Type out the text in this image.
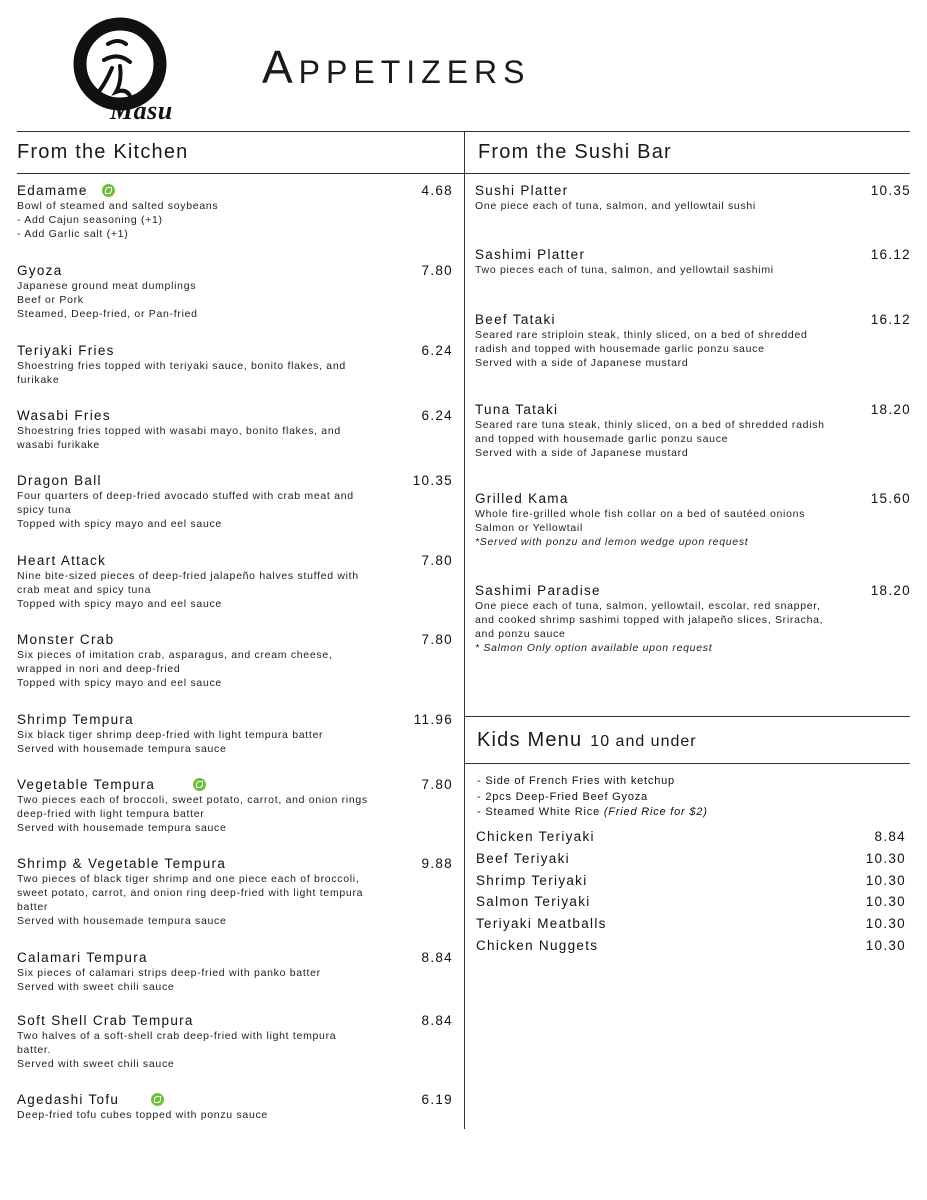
Masu
Appetizers
From the Kitchen	From the Sushi Bar
Kids Menu 10 and under
Edamame	4.68
Bowl of steamed and salted soybeans
- Add Cajun seasoning (+1)
- Add Garlic salt (+1)
Gyoza	7.80
Japanese ground meat dumplings
Beef or Pork
Steamed, Deep-fried, or Pan-fried
Teriyaki Fries	6.24
Shoestring fries topped with teriyaki sauce, bonito flakes, and
furikake
Wasabi Fries	6.24
Shoestring fries topped with wasabi mayo, bonito flakes, and
wasabi furikake
Dragon Ball	10.35
Four quarters of deep-fried avocado stuffed with crab meat and
spicy tuna
Topped with spicy mayo and eel sauce
Heart Attack	7.80
Nine bite-sized pieces of deep-fried jalapeño halves stuffed with
crab meat and spicy tuna
Topped with spicy mayo and eel sauce
Monster Crab	7.80
Six pieces of imitation crab, asparagus, and cream cheese,
wrapped in nori and deep-fried
Topped with spicy mayo and eel sauce
Shrimp Tempura	11.96
Six black tiger shrimp deep-fried with light tempura batter
Served with housemade tempura sauce
Vegetable Tempura	7.80
Two pieces each of broccoli, sweet potato, carrot, and onion rings
deep-fried with light tempura batter
Served with housemade tempura sauce
Shrimp & Vegetable Tempura	9.88
Two pieces of black tiger shrimp and one piece each of broccoli,
sweet potato, carrot, and onion ring deep-fried with light tempura
batter
Served with housemade tempura sauce
Calamari Tempura	8.84
Six pieces of calamari strips deep-fried with panko batter
Served with sweet chili sauce
Soft Shell Crab Tempura	8.84
Two halves of a soft-shell crab deep-fried with light tempura
batter.
Served with sweet chili sauce
Agedashi Tofu	6.19
Deep-fried tofu cubes topped with ponzu sauce
Sushi Platter	10.35
One piece each of tuna, salmon, and yellowtail sushi
Sashimi Platter	16.12
Two pieces each of tuna, salmon, and yellowtail sashimi
Beef Tataki	16.12
Seared rare striploin steak, thinly sliced, on a bed of shredded
radish and topped with housemade garlic ponzu sauce
Served with a side of Japanese mustard
Tuna Tataki	18.20
Seared rare tuna steak, thinly sliced, on a bed of shredded radish
and topped with housemade garlic ponzu sauce
Served with a side of Japanese mustard
Grilled Kama	15.60
Whole fire-grilled whole fish collar on a bed of sautéed onions
Salmon or Yellowtail
*Served with ponzu and lemon wedge upon request
Sashimi Paradise	18.20
One piece each of tuna, salmon, yellowtail, escolar, red snapper,
and cooked shrimp sashimi topped with jalapeño slices, Sriracha,
and ponzu sauce
* Salmon Only option available upon request
- Side of French Fries with ketchup
- 2pcs Deep-Fried Beef Gyoza
- Steamed White Rice (Fried Rice for $2)
Chicken Teriyaki	8.84
Beef Teriyaki	10.30
Shrimp Teriyaki	10.30
Salmon Teriyaki	10.30
Teriyaki Meatballs	10.30
Chicken Nuggets	10.30
